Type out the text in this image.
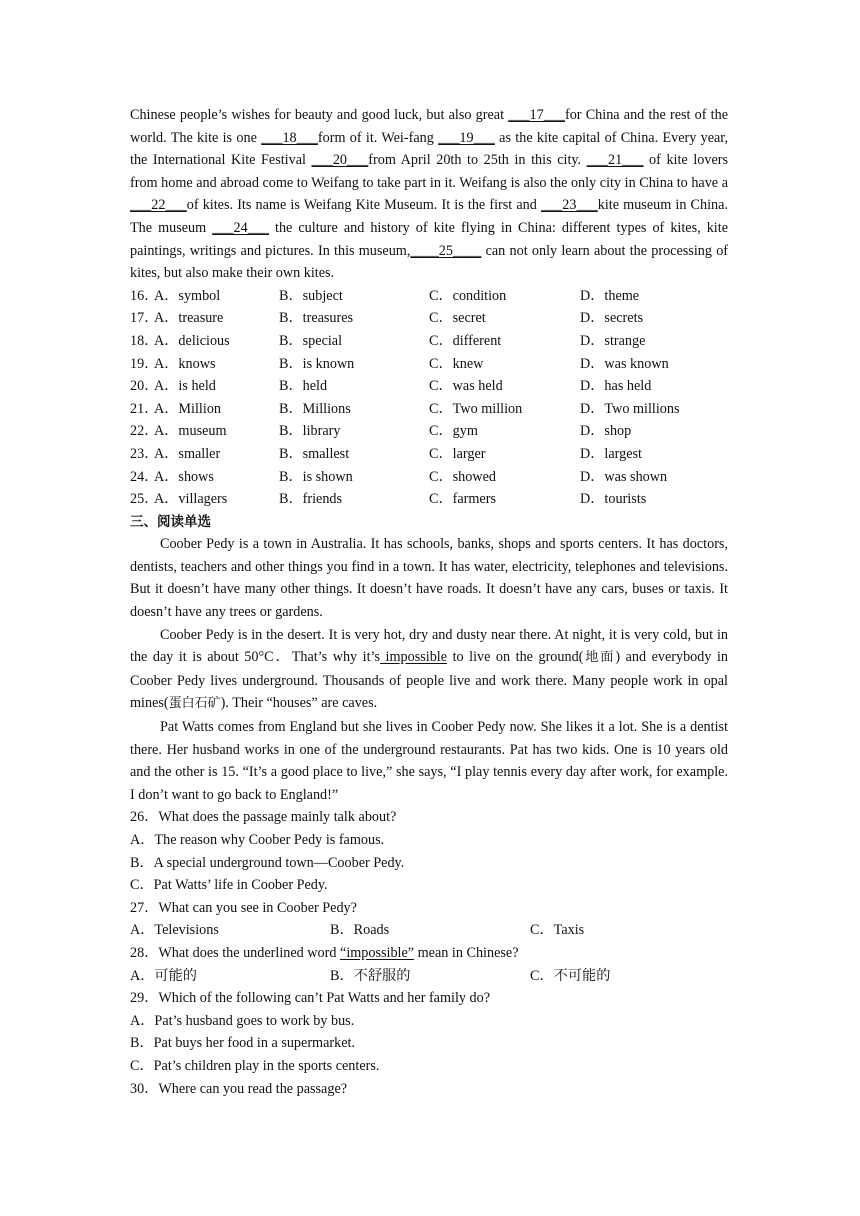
Chinese people’s wishes for beauty and good luck, but also great ___17___for China and the rest of the world. The kite is one ___18___form of it. Wei-fang ___19___ as the kite capital of China. Every year, the International Kite Festival ___20___from April 20th to 25th in this city. ___21___ of kite lovers from home and abroad come to Weifang to take part in it. Weifang is also the only city in China to have a ___22___of kites. Its name is Weifang Kite Museum. It is the first and ___23___kite museum in China. The museum ___24___ the culture and history of kite flying in China: different types of kites, kite paintings, writings and pictures. In this museum,____25____ can not only learn about the processing of kites, but also make their own kites.

16．
A．symbol	B．subject	C．condition	D．theme
17．
A．treasure	B．treasures	C．secret	D．secrets
18．
A．delicious	B．special	C．different	D．strange
19．
A．knows	B．is known	C．knew	D．was known
20．
A．is held	B．held	C．was held	D．has held
21．
A．Million	B．Millions	C．Two million	D．Two millions
22．
A．museum	B．library	C．gym	D．shop
23．
A．smaller	B．smallest	C．larger	D．largest
24．
A．shows	B．is shown	C．showed	D．was shown
25．
A．villagers	B．friends	C．farmers	D．tourists

三、阅读单选

Coober Pedy is a town in Australia. It has schools, banks, shops and sports centers. It has doctors, dentists, teachers and other things you find in a town. It has water, electricity, telephones and televisions. But it doesn’t have many other things. It doesn’t have roads. It doesn’t have any cars, buses or taxis. It doesn’t have any trees or gardens.

Coober Pedy is in the desert. It is very hot, dry and dusty near there. At night, it is very cold, but in the day it is about 50°C．That’s why it’s impossible to live on the ground(地面) and everybody in Coober Pedy lives underground. Thousands of people live and work there. Many people work in opal mines(蛋白石矿). Their “houses” are caves.

Pat Watts comes from England but she lives in Coober Pedy now. She likes it a lot. She is a dentist there. Her husband works in one of the underground restaurants. Pat has two kids. One is 10 years old and the other is 15. “It’s a good place to live,” she says, “I play tennis every day after work, for example. I don’t want to go back to England!”

26．What does the passage mainly talk about?

A．The reason why Coober Pedy is famous.

B．A special underground town—Coober Pedy.

C．Pat Watts’ life in Coober Pedy.

27．What can you see in Coober Pedy?

A．Televisions	B．Roads	C．Taxis

28．What does the underlined word “impossible” mean in Chinese?

A．可能的	B．不舒服的	C．不可能的

29．Which of the following can’t Pat Watts and her family do?

A．Pat’s husband goes to work by bus.

B．Pat buys her food in a supermarket.

C．Pat’s children play in the sports centers.

30．Where can you read the passage?
